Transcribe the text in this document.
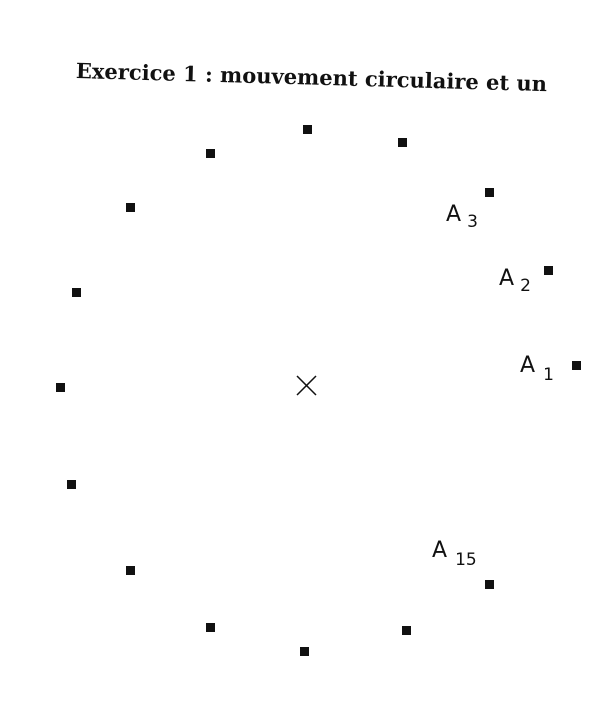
Exercice 1 : mouvement circulaire et un
A 3
A 2
A 1
A 15
